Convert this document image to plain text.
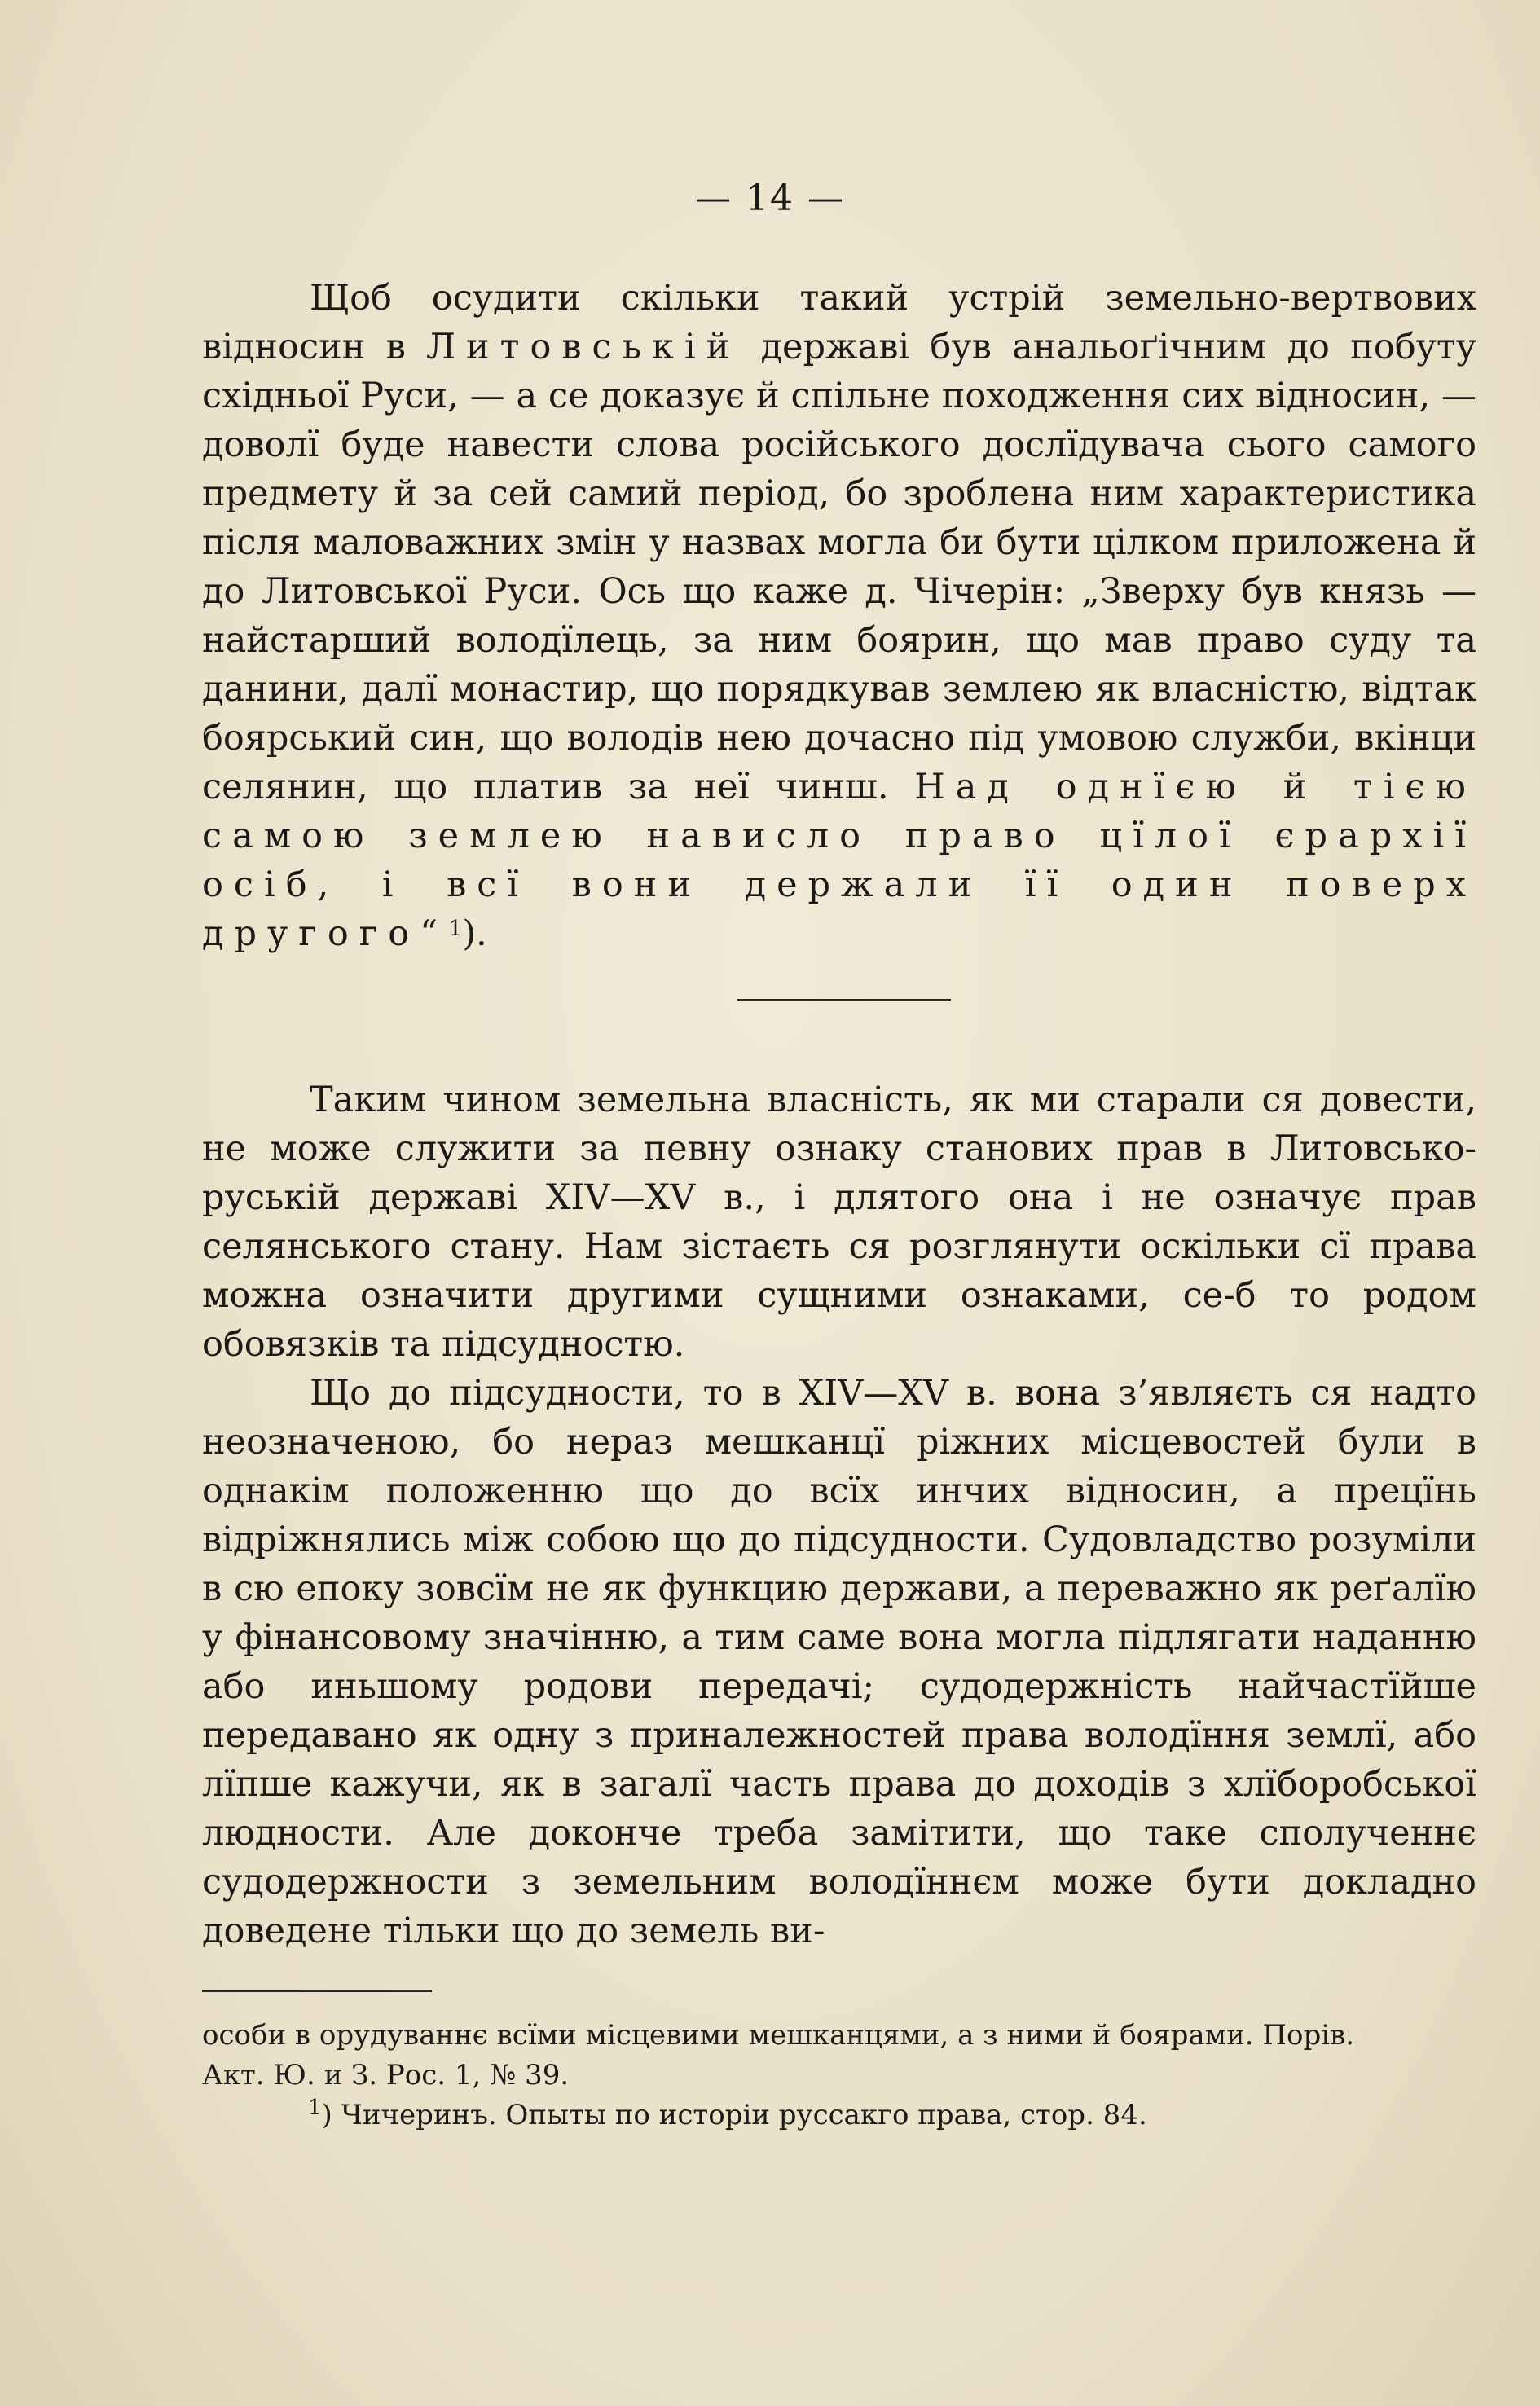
— 14 —

Щоб осудити скільки такий устрій земельно-вертвових відносин в Литовській державі був анальоґічним до побуту східньої Руси, — а се доказує й спільне походження сих відносин, — доволї буде навести слова російського дослїдувача сього самого предмету й за сей самий період, бо зроблена ним характеристика після маловажних змін у назвах могла би бути цілком приложена й до Литовської Руси. Ось що каже д. Чічерін: „Зверху був князь — найстарший володїлець, за ним боярин, що мав право суду та данини, далї монастир, що порядкував землею як власністю, відтак боярський син, що володів нею дочасно під умовою служби, вкінци селянин, що платив за неї чинш. Над однїєю й тією самою землею нависло право цїлої єрархії осіб, і всї вони держали її один поверх другого“ $^1$).

Таким чином земельна власність, як ми старали ся довести, не може служити за певну ознаку станових прав в Литовсько-руській державі XIV—XV в., і длятого она і не означує прав селянського стану. Нам зістаєть ся розглянути оскільки сї права можна означити другими сущними ознаками, се-б то родом обовязків та підсудностю.

Що до підсудности, то в XIV—XV в. вона з’являєть ся надто неозначеною, бо нераз мешканцї ріжних місцевостей були в однакім положенню що до всїх инчих відносин, а прецїнь відріжнялись між собою що до підсудности. Судовладство розуміли в сю епоку зовсїм не як функцию держави, а переважно як реґалїю у фінансовому значінню, а тим саме вона могла підлягати наданню або иньшому родови передачі; судодержність найчастїйше передавано як одну з приналежностей права володїння землї, або лїпше кажучи, як в загалї часть права до доходів з хлїборобської людности. Але доконче треба замітити, що таке сполученнє судодержности з земельним володїннєм може бути докладно доведене тільки що до земель ви-

особи в орудуваннє всїми місцевими мешканцями, а з ними й боярами. Порів.
Акт. Ю. и З. Рос. 1, № 39.
$^1$) Чичеринъ. Опыты по исторіи руссакго права, стор. 84.
